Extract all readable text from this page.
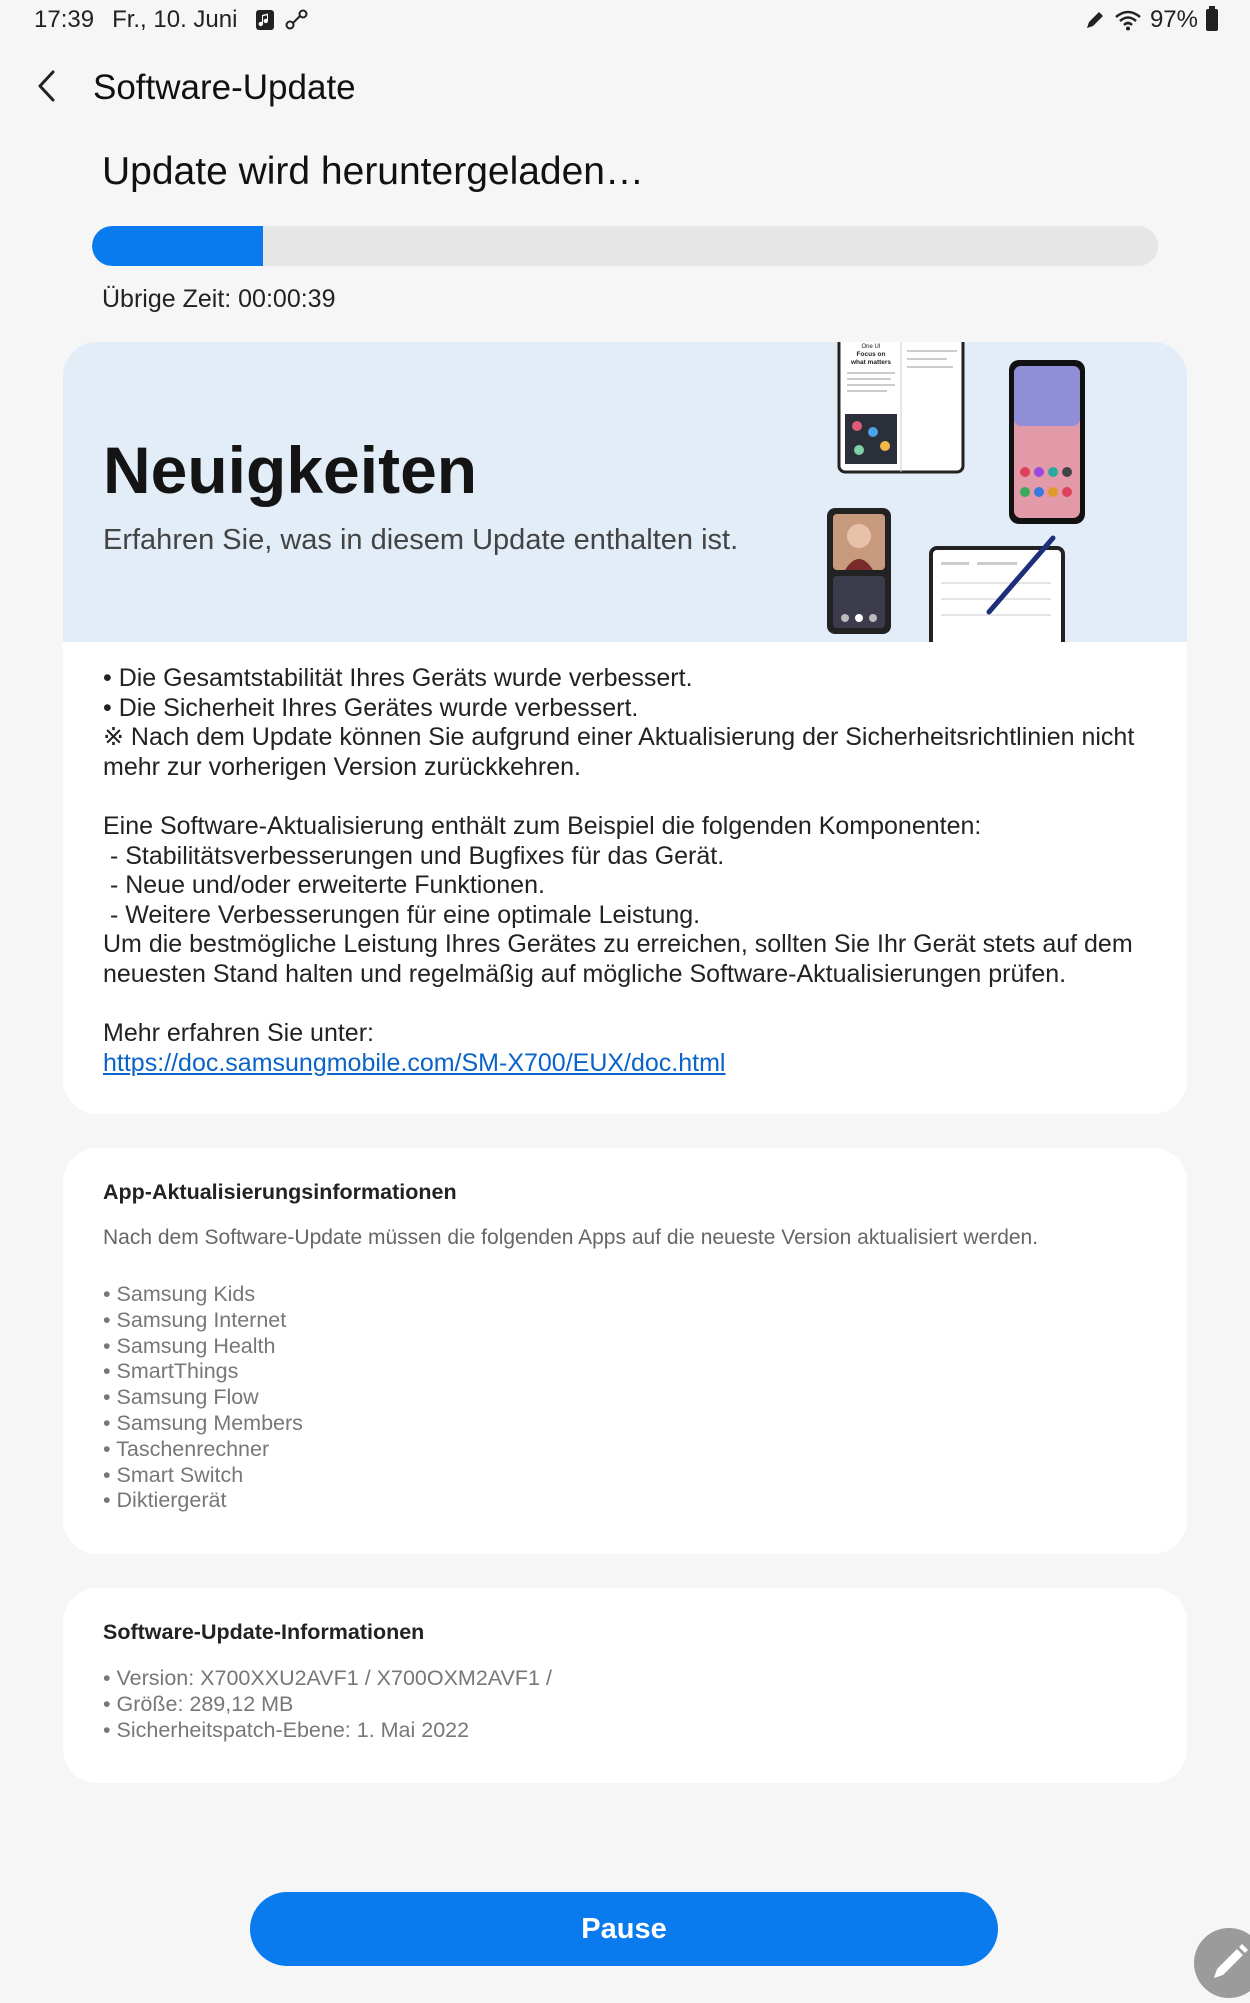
17:39 Fr., 10. Juni	97%
Software-Update
Update wird heruntergeladen…
Übrige Zeit: 00:00:39
Neuigkeiten
Erfahren Sie, was in diesem Update enthalten ist.
One UI
Focus on
what matters

• Die Gesamtstabilität Ihres Geräts wurde verbessert.

• Die Sicherheit Ihres Gerätes wurde verbessert.

※ Nach dem Update können Sie aufgrund einer Aktualisierung der Sicherheitsrichtlinien nicht mehr zur vorherigen Version zurückkehren.

Eine Software-Aktualisierung enthält zum Beispiel die folgenden Komponenten:

- Stabilitätsverbesserungen und Bugfixes für das Gerät.

- Neue und/oder erweiterte Funktionen.

- Weitere Verbesserungen für eine optimale Leistung.

Um die bestmögliche Leistung Ihres Gerätes zu erreichen, sollten Sie Ihr Gerät stets auf dem neuesten Stand halten und regelmäßig auf mögliche Software-Aktualisierungen prüfen.

Mehr erfahren Sie unter:

https://doc.samsungmobile.com/SM-X700/EUX/doc.html

App-Aktualisierungsinformationen
Nach dem Software-Update müssen die folgenden Apps auf die neueste Version aktualisiert werden.
• Samsung Kids
• Samsung Internet
• Samsung Health
• SmartThings
• Samsung Flow
• Samsung Members
• Taschenrechner
• Smart Switch
• Diktiergerät
Software-Update-Informationen
• Version: X700XXU2AVF1 / X700OXM2AVF1 /
• Größe: 289,12 MB
• Sicherheitspatch-Ebene: 1. Mai 2022
Pause
